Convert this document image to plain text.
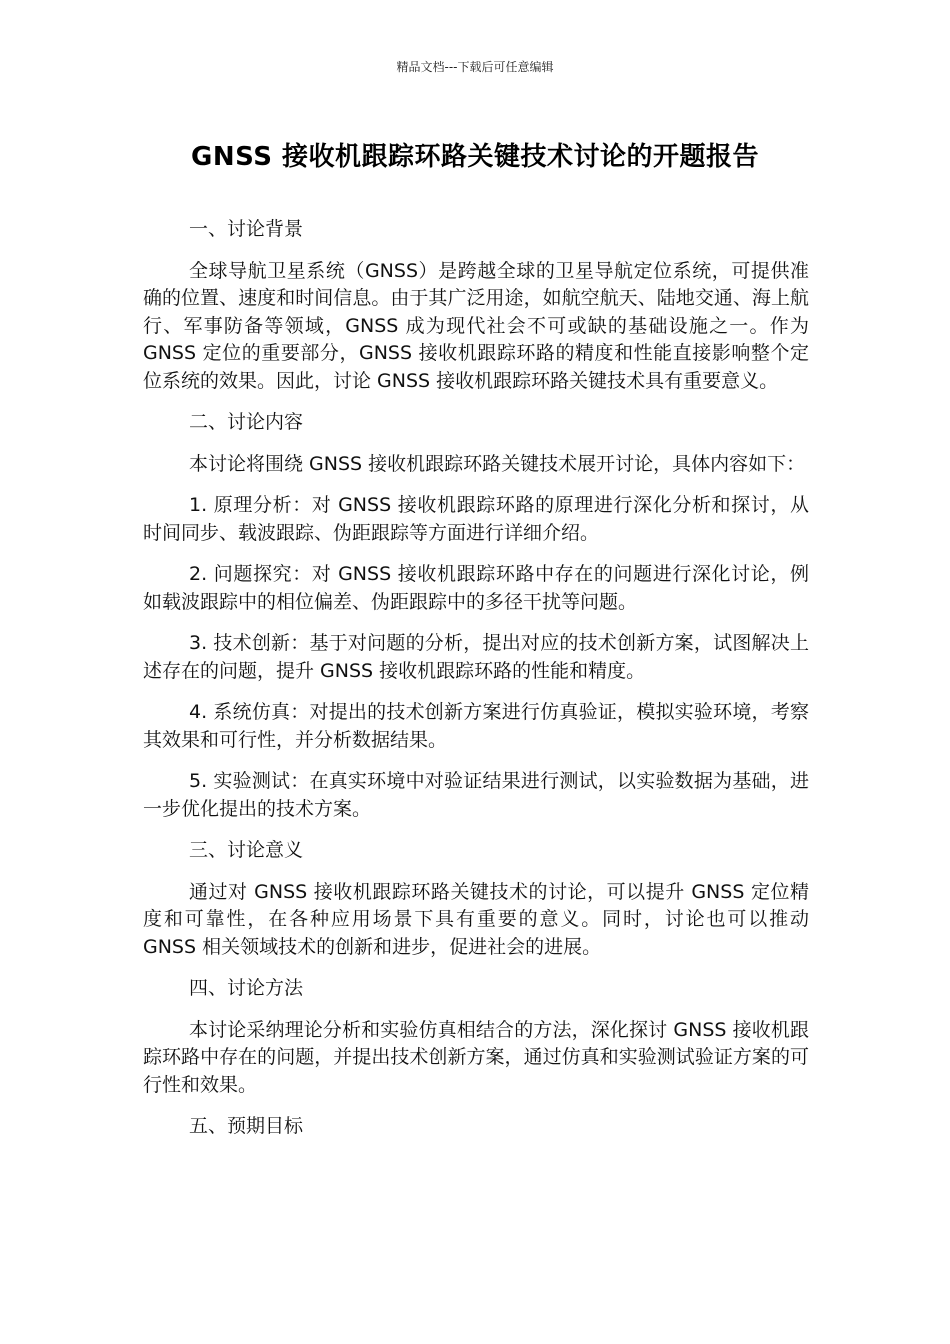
精品文档---下载后可任意编辑
GNSS 接收机跟踪环路关键技术讨论的开题报告

一、讨论背景

全球导航卫星系统（GNSS）是跨越全球的卫星导航定位系统，可提供准确的位置、速度和时间信息。由于其广泛用途，如航空航天、陆地交通、海上航行、军事防备等领域，GNSS 成为现代社会不可或缺的基础设施之一。作为 GNSS 定位的重要部分，GNSS 接收机跟踪环路的精度和性能直接影响整个定位系统的效果。因此，讨论 GNSS 接收机跟踪环路关键技术具有重要意义。

二、讨论内容

本讨论将围绕 GNSS 接收机跟踪环路关键技术展开讨论，具体内容如下：

1. 原理分析：对 GNSS 接收机跟踪环路的原理进行深化分析和探讨，从时间同步、载波跟踪、伪距跟踪等方面进行详细介绍。

2. 问题探究：对 GNSS 接收机跟踪环路中存在的问题进行深化讨论，例如载波跟踪中的相位偏差、伪距跟踪中的多径干扰等问题。

3. 技术创新：基于对问题的分析，提出对应的技术创新方案，试图解决上述存在的问题，提升 GNSS 接收机跟踪环路的性能和精度。

4. 系统仿真：对提出的技术创新方案进行仿真验证，模拟实验环境，考察其效果和可行性，并分析数据结果。

5. 实验测试：在真实环境中对验证结果进行测试，以实验数据为基础，进一步优化提出的技术方案。

三、讨论意义

通过对 GNSS 接收机跟踪环路关键技术的讨论，可以提升 GNSS 定位精度和可靠性，在各种应用场景下具有重要的意义。同时，讨论也可以推动 GNSS 相关领域技术的创新和进步，促进社会的进展。

四、讨论方法

本讨论采纳理论分析和实验仿真相结合的方法，深化探讨 GNSS 接收机跟踪环路中存在的问题，并提出技术创新方案，通过仿真和实验测试验证方案的可行性和效果。

五、预期目标
